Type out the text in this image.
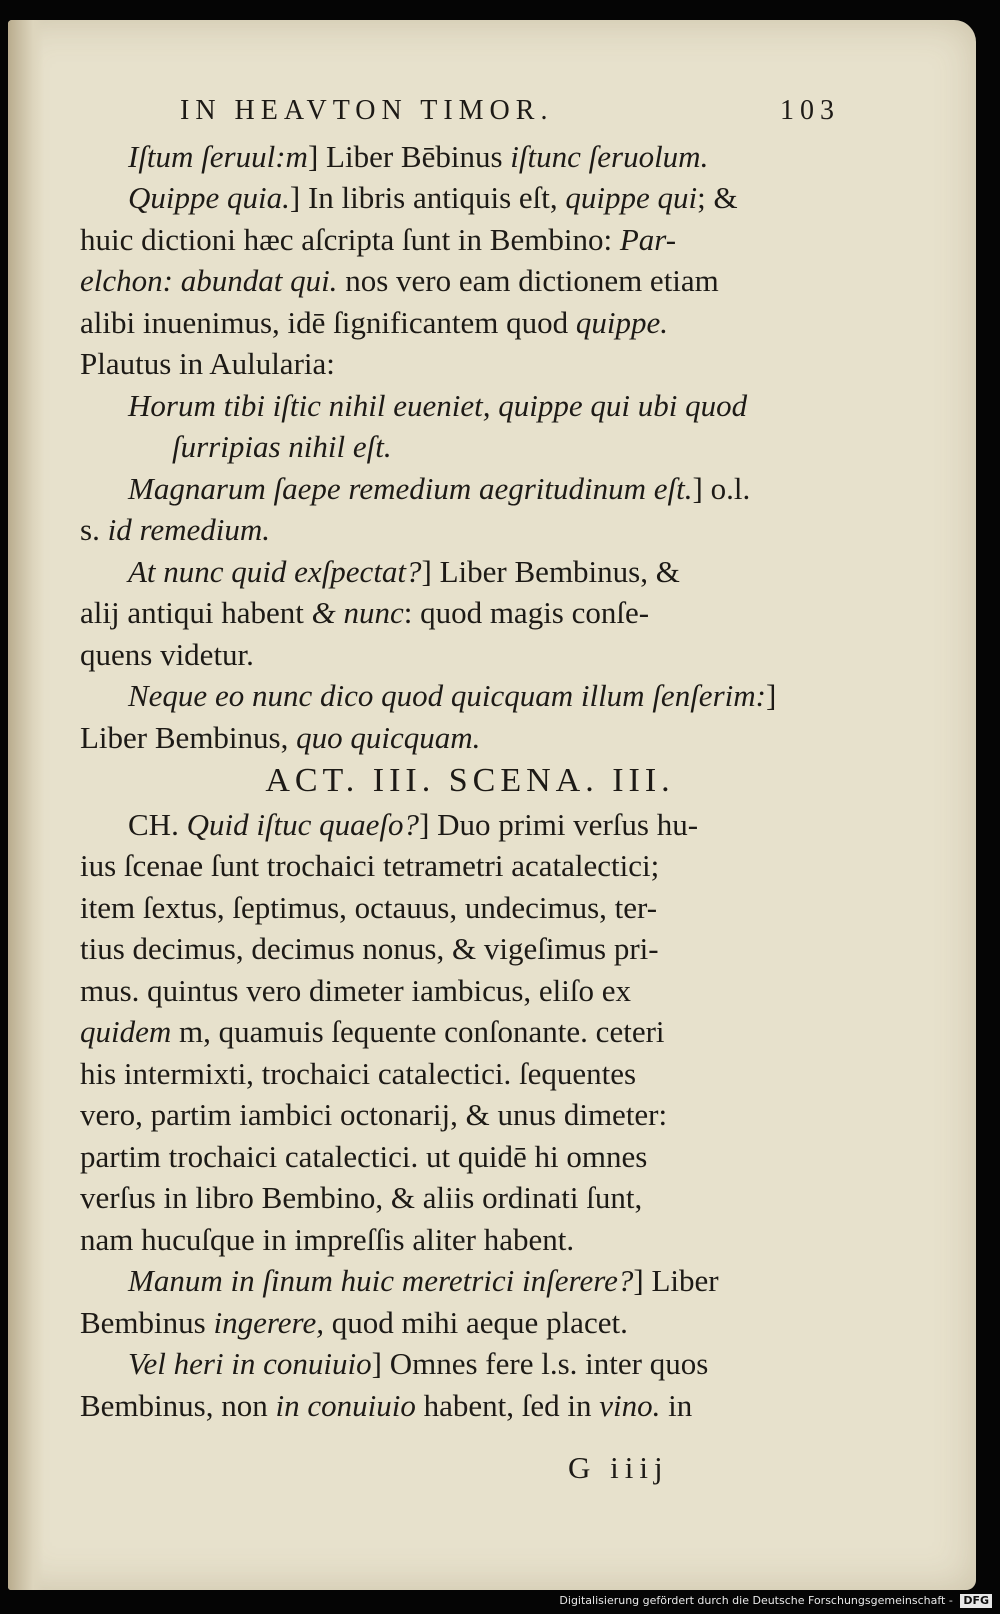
IN HEAVTON TIMOR.	103
Iſtum ſeruul:m] Liber Bēbinus iſtunc ſeruolum.
Quippe quia.] In libris antiquis eſt, quippe qui; &
huic dictioni hæc aſcripta ſunt in Bembino: Par-
elchon: abundat qui. nos vero eam dictionem etiam
alibi inuenimus, idē ſignificantem quod quippe.
Plautus in Aulularia:
Horum tibi iſtic nihil eueniet, quippe qui ubi quod
ſurripias nihil eſt.
Magnarum ſaepe remedium aegritudinum eſt.] o.l.
s. id remedium.
At nunc quid exſpectat?] Liber Bembinus, &
alij antiqui habent & nunc: quod magis conſe-
quens videtur.
Neque eo nunc dico quod quicquam illum ſenſerim:]
Liber Bembinus, quo quicquam.
ACT. III. SCENA. III.
CH. Quid iſtuc quaeſo?] Duo primi verſus hu-
ius ſcenae ſunt trochaici tetrametri acatalectici;
item ſextus, ſeptimus, octauus, undecimus, ter-
tius decimus, decimus nonus, & vigeſimus pri-
mus. quintus vero dimeter iambicus, eliſo ex
quidem m, quamuis ſequente conſonante. ceteri
his intermixti, trochaici catalectici. ſequentes
vero, partim iambici octonarij, & unus dimeter:
partim trochaici catalectici. ut quidē hi omnes
verſus in libro Bembino, & aliis ordinati ſunt,
nam hucuſque in impreſſis aliter habent.
Manum in ſinum huic meretrici inſerere?] Liber
Bembinus ingerere, quod mihi aeque placet.
Vel heri in conuiuio] Omnes fere l.s. inter quos
Bembinus, non in conuiuio habent, ſed in vino. in
G iiij
Digitalisierung gefördert durch die Deutsche Forschungsgemeinschaft - DFG
